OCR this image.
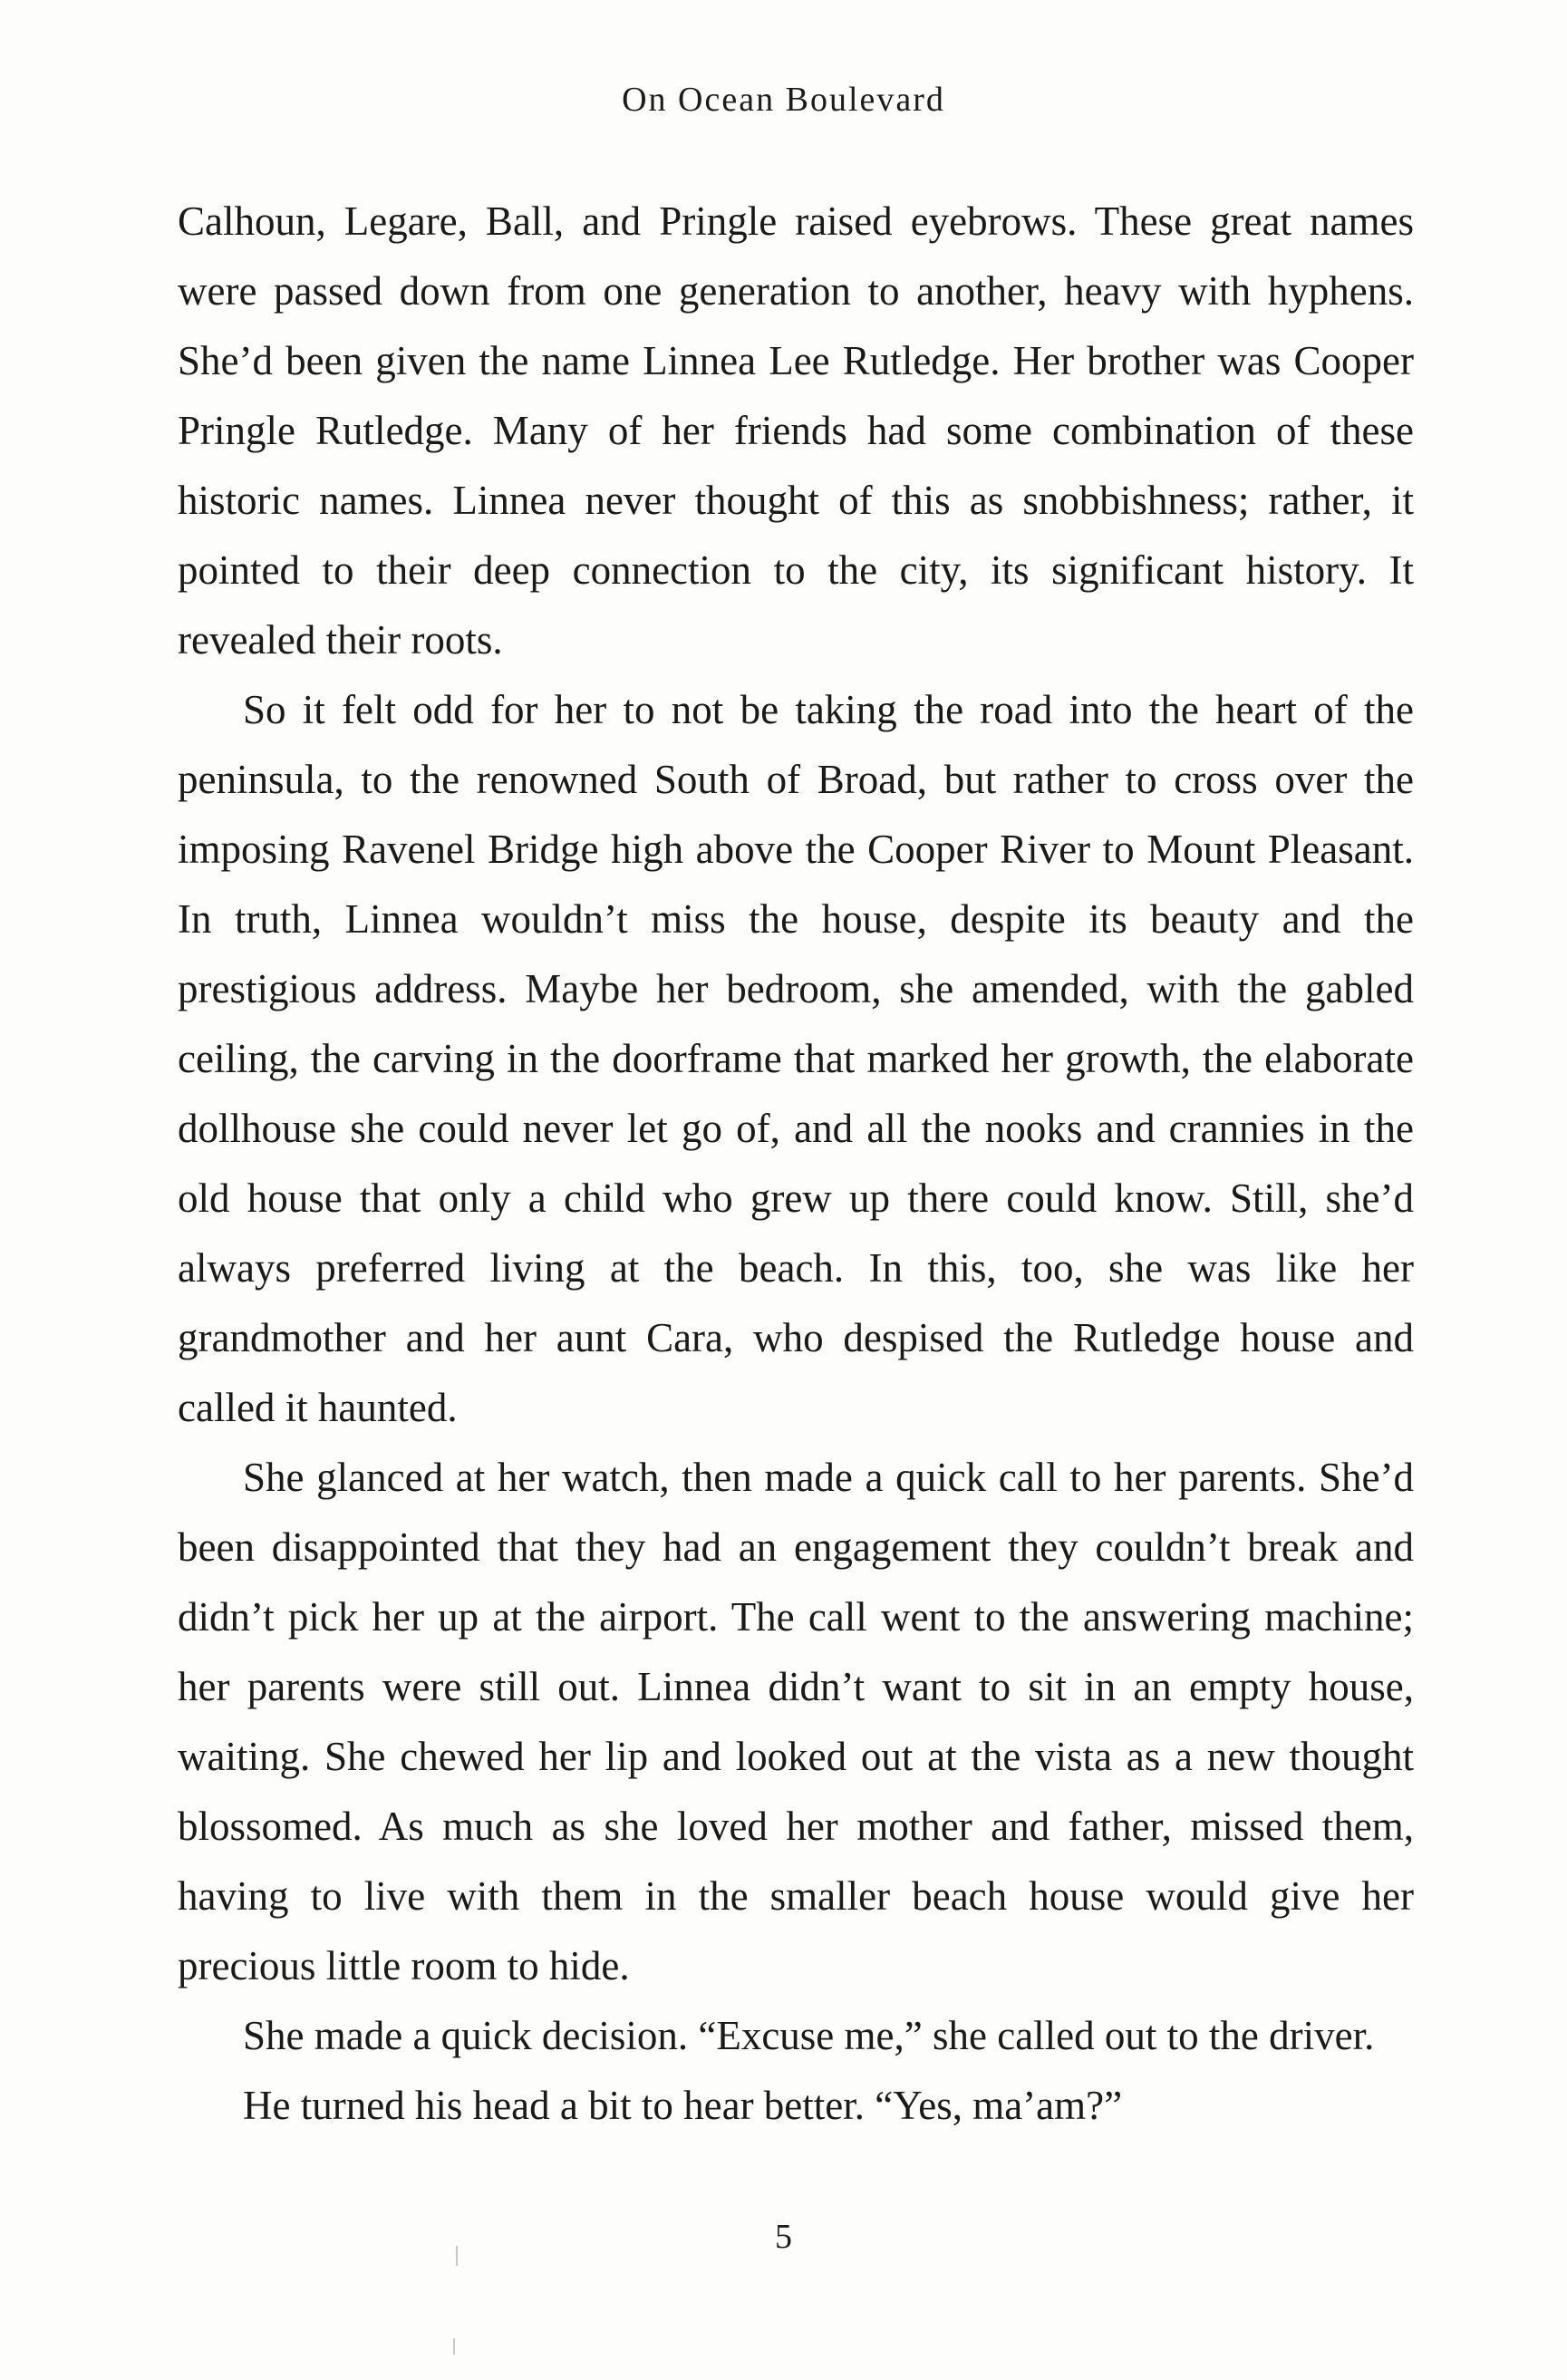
On Ocean Boulevard

Calhoun, Legare, Ball, and Pringle raised eyebrows. These great names were passed down from one generation to another, heavy with hyphens. She’d been given the name Linnea Lee Rutledge. Her brother was Cooper Pringle Rutledge. Many of her friends had some combination of these historic names. Linnea never thought of this as snobbishness; rather, it pointed to their deep connection to the city, its significant history. It revealed their roots.

So it felt odd for her to not be taking the road into the heart of the peninsula, to the renowned South of Broad, but rather to cross over the imposing Ravenel Bridge high above the Cooper River to Mount Pleasant. In truth, Linnea wouldn’t miss the house, despite its beauty and the prestigious address. Maybe her bedroom, she amended, with the gabled ceiling, the carving in the doorframe that marked her growth, the elaborate dollhouse she could never let go of, and all the nooks and crannies in the old house that only a child who grew up there could know. Still, she’d always preferred living at the beach. In this, too, she was like her grandmother and her aunt Cara, who despised the Rutledge house and called it haunted.

She glanced at her watch, then made a quick call to her parents. She’d been disappointed that they had an engagement they couldn’t break and didn’t pick her up at the airport. The call went to the answering machine; her parents were still out. Linnea didn’t want to sit in an empty house, waiting. She chewed her lip and looked out at the vista as a new thought blossomed. As much as she loved her mother and father, missed them, having to live with them in the smaller beach house would give her precious little room to hide.

She made a quick decision. “Excuse me,” she called out to the driver.

He turned his head a bit to hear better. “Yes, ma’am?”

5
